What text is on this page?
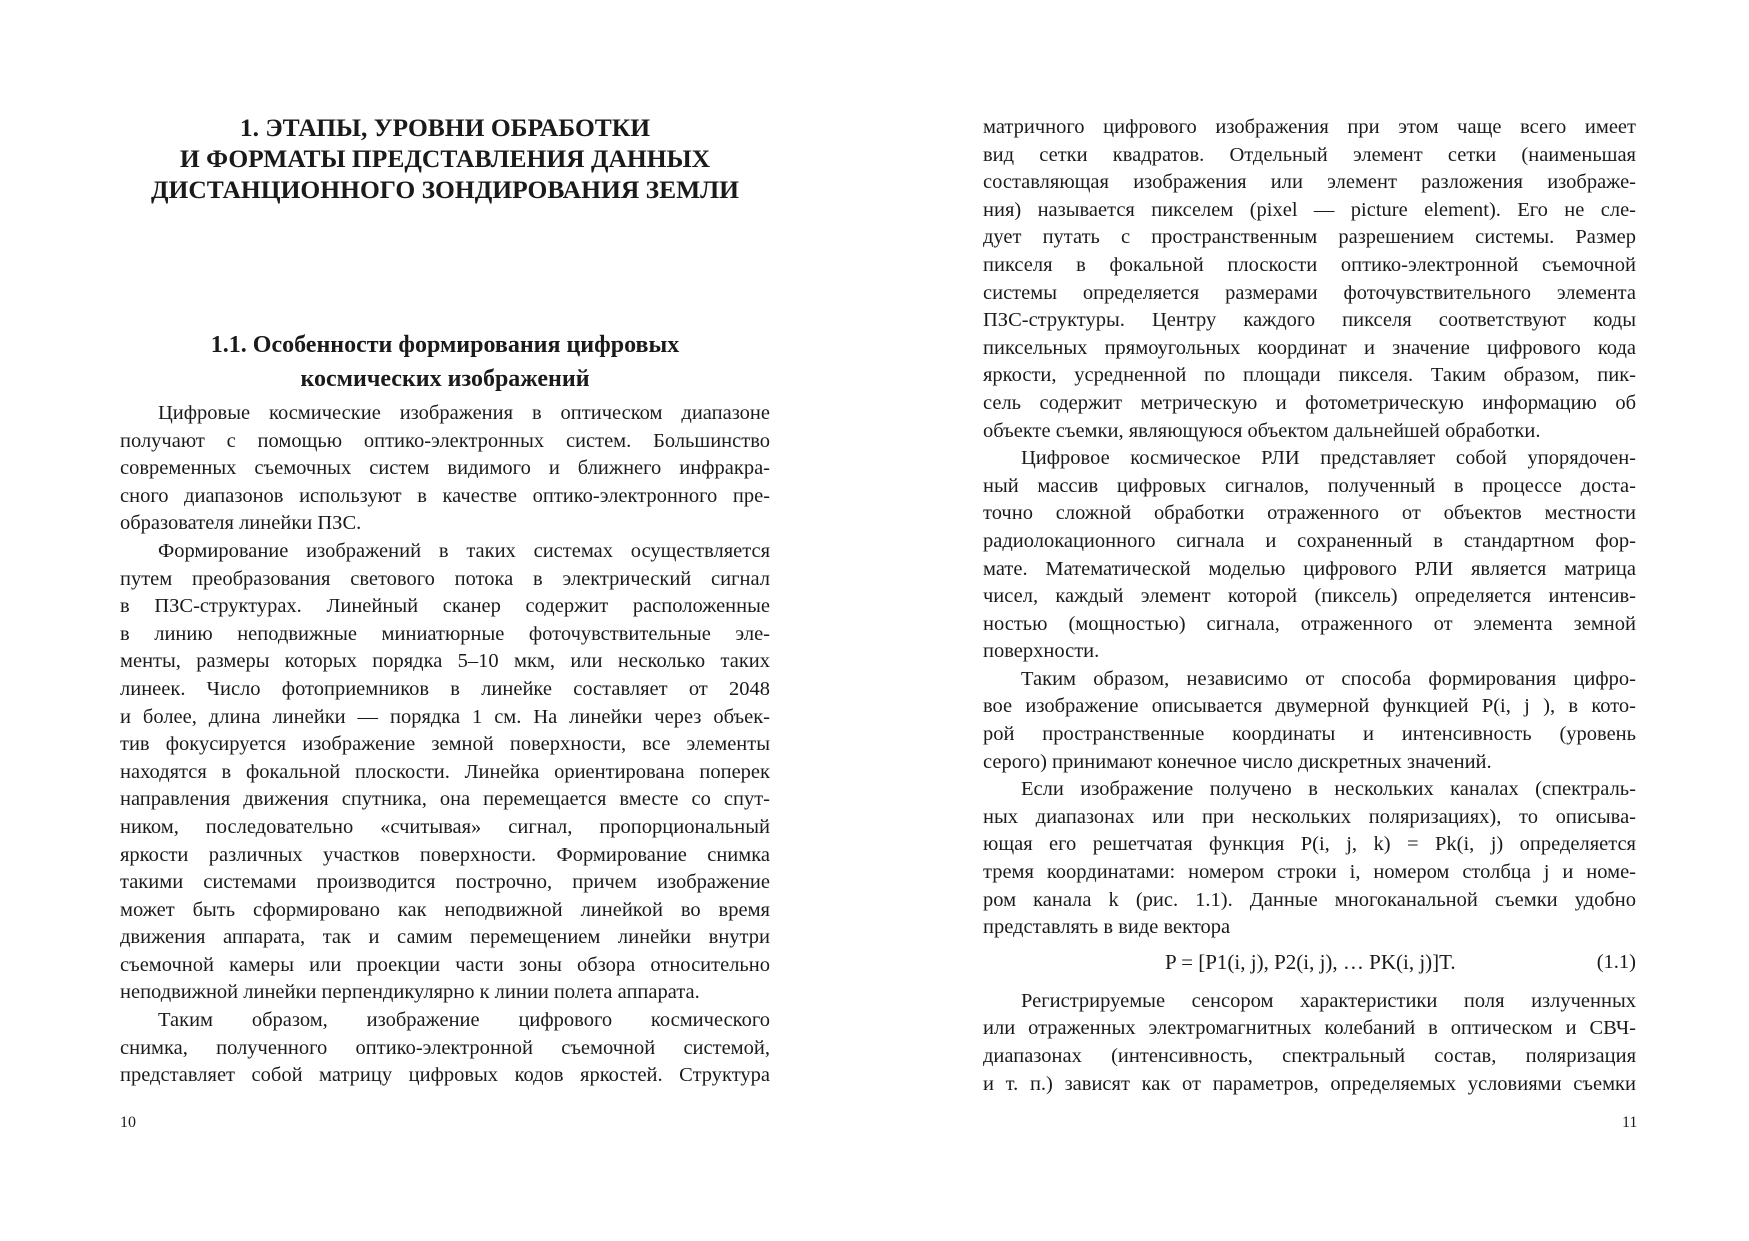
1. ЭТАПЫ, УРОВНИ ОБРАБОТКИ
И ФОРМАТЫ ПРЕДСТАВЛЕНИЯ ДАННЫХ
ДИСТАНЦИОННОГО ЗОНДИРОВАНИЯ ЗЕМЛИ
1.1. Особенности формирования цифровых
космических изображений
Цифровые космические изображения в оптическом диапазоне
получают с помощью оптико-электронных систем. Большинство
современных съемочных систем видимого и ближнего инфракра-
сного диапазонов используют в качестве оптико-электронного пре-
образователя линейки ПЗС.
Формирование изображений в таких системах осуществляется
путем преобразования светового потока в электрический сигнал
в ПЗС-структурах. Линейный сканер содержит расположенные
в линию неподвижные миниатюрные фоточувствительные эле-
менты, размеры которых порядка 5–10 мкм, или несколько таких
линеек. Число фотоприемников в линейке составляет от 2048
и более, длина линейки — порядка 1 см. На линейки через объек-
тив фокусируется изображение земной поверхности, все элементы
находятся в фокальной плоскости. Линейка ориентирована поперек
направления движения спутника, она перемещается вместе со спут-
ником, последовательно «считывая» сигнал, пропорциональный
яркости различных участков поверхности. Формирование снимка
такими системами производится построчно, причем изображение
может быть сформировано как неподвижной линейкой во время
движения аппарата, так и самим перемещением линейки внутри
съемочной камеры или проекции части зоны обзора относительно
неподвижной линейки перпендикулярно к линии полета аппарата.
Таким образом, изображение цифрового космического
снимка, полученного оптико-электронной съемочной системой,
представляет собой матрицу цифровых кодов яркостей. Структура
10
матричного цифрового изображения при этом чаще всего имеет
вид сетки квадратов. Отдельный элемент сетки (наименьшая
составляющая изображения или элемент разложения изображе-
ния) называется пикселем (pixel — picture element). Его не сле-
дует путать с пространственным разрешением системы. Размер
пикселя в фокальной плоскости оптико-электронной съемочной
системы определяется размерами фоточувствительного элемента
ПЗС-структуры. Центру каждого пикселя соответствуют коды
пиксельных прямоугольных координат и значение цифрового кода
яркости, усредненной по площади пикселя. Таким образом, пик-
сель содержит метрическую и фотометрическую информацию об
объекте съемки, являющуюся объектом дальнейшей обработки.
Цифровое космическое РЛИ представляет собой упорядочен-
ный массив цифровых сигналов, полученный в процессе доста-
точно сложной обработки отраженного от объектов местности
радиолокационного сигнала и сохраненный в стандартном фор-
мате. Математической моделью цифрового РЛИ является матрица
чисел, каждый элемент которой (пиксель) определяется интенсив-
ностью (мощностью) сигнала, отраженного от элемента земной
поверхности.
Таким образом, независимо от способа формирования цифро-
вое изображение описывается двумерной функцией P(i, j ), в кото-
рой пространственные координаты и интенсивность (уровень
серого) принимают конечное число дискретных значений.
Если изображение получено в нескольких каналах (спектраль-
ных диапазонах или при нескольких поляризациях), то описыва-
ющая его решетчатая функция P(i, j, k) = Pk(i, j) определяется
тремя координатами: номером строки i, номером столбца j и номе-
ром канала k (рис. 1.1). Данные многоканальной съемки удобно
представлять в виде вектора
P = [P1(i, j), P2(i, j), … PK(i, j)]T.	(1.1)
Регистрируемые сенсором характеристики поля излученных
или отраженных электромагнитных колебаний в оптическом и СВЧ-
диапазонах (интенсивность, спектральный состав, поляризация
и т. п.) зависят как от параметров, определяемых условиями съемки
11
